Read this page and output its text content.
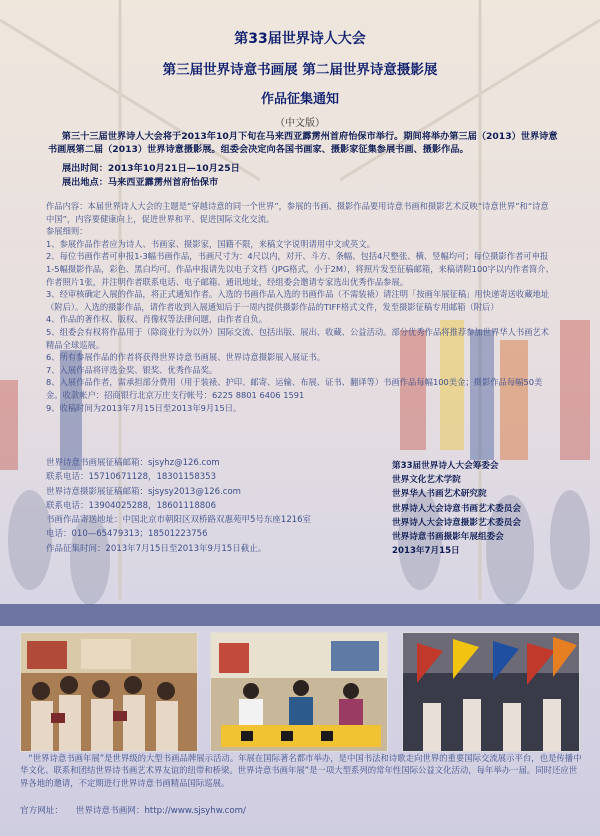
第33届世界诗人大会
第三届世界诗意书画展 第二届世界诗意摄影展
作品征集通知
（中文版）

第三十三届世界诗人大会将于2013年10月下旬在马来西亚霹雳州首府怡保市举行。期间将举办第三届（2013）世界诗意书画展第二届（2013）世界诗意摄影展。组委会决定向各国书画家、摄影家征集参展书画、摄影作品。

展出时间：2013年10月21日—10月25日
展出地点：马来西亚霹雳州首府怡保市

作品内容：本届世界诗人大会的主题是“穿越诗意的同一个世界”，参展的书画、摄影作品要用诗意书画和摄影艺术反映“诗意世界”和“诗意中国”，内容要健康向上，促进世界和平、促进国际文化交流。

参展细则：

1、参展作品作者应为诗人、书画家、摄影家，国籍不限，来稿文字说明请用中文或英文。

2、每位书画作者可申报1-3幅书画作品，书画尺寸为：4尺以内，对开、斗方、条幅、包括4尺整张、横、竖幅均可；每位摄影作者可申报1-5幅摄影作品，彩色、黑白均可。作品申报请先以电子文档（JPG格式，小于2M），将照片发至征稿邮箱，来稿请附100字以内作者简介、作者照片1张，并注明作者联系电话、电子邮箱、通讯地址，经组委会邀请专家选出优秀作品参展。

3、经审核确定入展的作品，将正式通知作者。入选的书画作品入选的书画作品（不需装裱）请注明「按画年展征稿」用快递寄送收藏地址（附后）。入选的摄影作品，请作者收到入展通知后于一周内提供摄影作品的TIFF格式文件，发至摄影征稿专用邮箱（附后）

4、作品的著作权、版权、肖像权等法律问题，由作者自负。

5、组委会有权将作品用于（除商业行为以外）国际交流、包括出版、展出、收藏、公益活动。部分优秀作品将推荐参加世界华人书画艺术精品全球巡展。

6、所有参展作品的作者将获得世界诗意书画展、世界诗意摄影展入展证书。

7、入展作品将评选金奖、银奖、优秀作品奖。

8、入展作品作者，需承担部分费用（用于装裱、护印、邮寄、运输、布展、证书、翻译等）书画作品每幅100美金；摄影作品每幅50美金。收款帐户：招商银行北京万庄支行帐号：6225 8801 6406 1591

9、收稿时间为2013年7月15日至2013年9月15日。

世界诗意书画展征稿邮箱：sjsyhz@126.com

联系电话：15710671128，18301158353

世界诗意摄影展征稿邮箱：sjsysy2013@126.com

联系电话：13904025288，18601118806

书画作品寄送地址：中国北京市朝阳区双桥路双惠苑甲5号东座1216室

电话：010—65479313；18501223756

作品征集时间：2013年7月15日至2013年9月15日截止。

第33届世界诗人大会筹委会

世界文化艺术学院

世界华人书画艺术研究院

世界诗人大会诗意书画艺术委员会

世界诗人大会诗意摄影艺术委员会

世界诗意书画摄影年展组委会

2013年7月15日

“世界诗意书画年展”是世界级的大型书画品牌展示活动。年展在国际著名都市举办，是中国书法和诗歌走向世界的重要国际交流展示平台，也是传播中华文化、联系和团结世界诗书画艺术界友谊的纽带和桥梁。世界诗意书画年展”是一项大型系列的常年性国际公益文化活动，每年举办一届。同时还应世界各地的邀请，不定期进行世界诗意书画精品国际巡展。
官方网址： 世界诗意书画网：http://www.sjsyhw.com/
